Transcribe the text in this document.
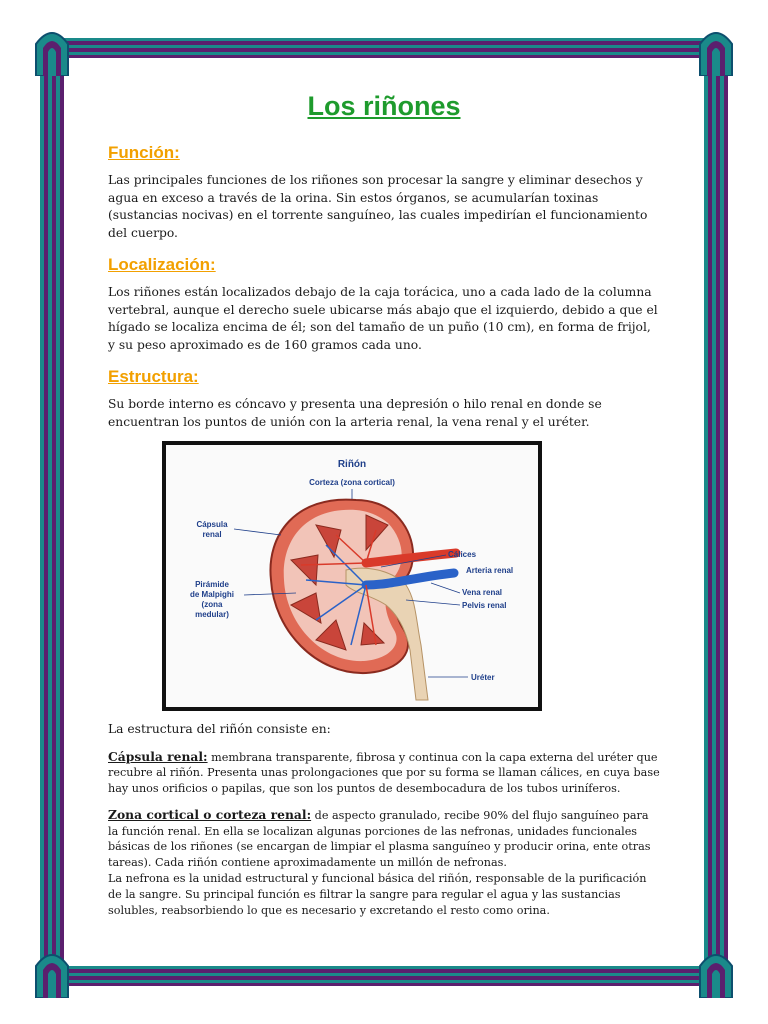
Los riñones
Función:

Las principales funciones de los riñones son procesar la sangre y eliminar desechos y agua en exceso a través de la orina. Sin estos órganos, se acumularían toxinas (sustancias nocivas) en el torrente sanguíneo, las cuales impedirían el funcionamiento del cuerpo.

Localización:

Los riñones están localizados debajo de la caja torácica, uno a cada lado de la columna vertebral, aunque el derecho suele ubicarse más abajo que el izquierdo, debido a que el hígado se localiza encima de él; son del tamaño de un puño (10 cm), en forma de frijol, y su peso aproximado es de 160 gramos cada uno.

Estructura:

Su borde interno es cóncavo y presenta una depresión o hilo renal en donde se encuentran los puntos de unión con la arteria renal, la vena renal y el uréter.

Riñón
Corteza (zona cortical)
Cápsula
renal
Pirámide
de Malpighi
(zona
medular)
Cálices
Arteria renal
Vena renal
Pelvis renal
Uréter

La estructura del riñón consiste en:

Cápsula renal: membrana transparente, fibrosa y continua con la capa externa del uréter que recubre al riñón. Presenta unas prolongaciones que por su forma se llaman cálices, en cuya base hay unos orificios o papilas, que son los puntos de desembocadura de los tubos uriníferos.

Zona cortical o corteza renal: de aspecto granulado, recibe 90% del flujo sanguíneo para la función renal. En ella se localizan algunas porciones de las nefronas, unidades funcionales básicas de los riñones (se encargan de limpiar el plasma sanguíneo y producir orina, ente otras tareas). Cada riñón contiene aproximadamente un millón de nefronas.

La nefrona es la unidad estructural y funcional básica del riñón, responsable de la purificación de la sangre. Su principal función es filtrar la sangre para regular el agua y las sustancias solubles, reabsorbiendo lo que es necesario y excretando el resto como orina.
